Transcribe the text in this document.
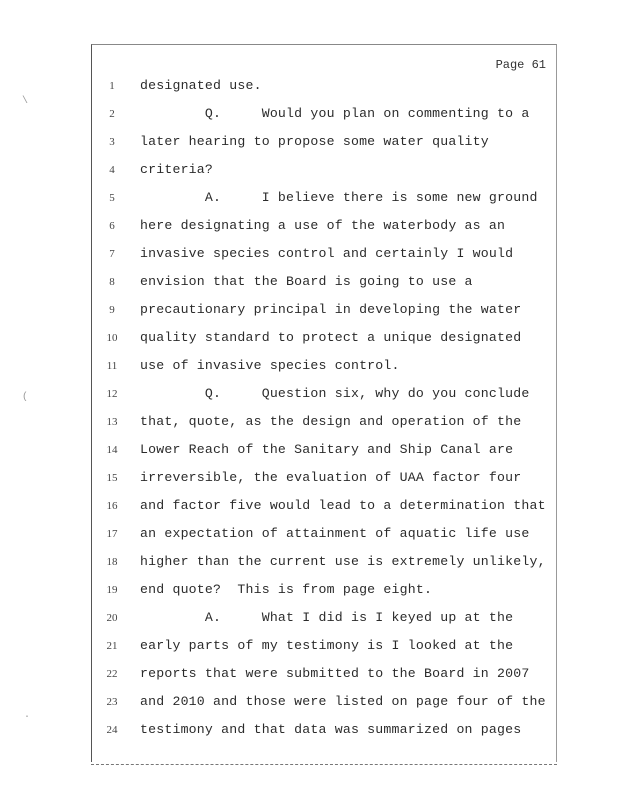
Page 61
1	designated use.
2	Q.     Would you plan on commenting to a
3	later hearing to propose some water quality
4	criteria?
5	A.     I believe there is some new ground
6	here designating a use of the waterbody as an
7	invasive species control and certainly I would
8	envision that the Board is going to use a
9	precautionary principal in developing the water
10 quality standard to protect a unique designated
11 use of invasive species control.
12 Q.     Question six, why do you conclude
13 that, quote, as the design and operation of the
14 Lower Reach of the Sanitary and Ship Canal are
15 irreversible, the evaluation of UAA factor four
16 and factor five would lead to a determination that
17 an expectation of attainment of aquatic life use
18 higher than the current use is extremely unlikely,
19 end quote?  This is from page eight.
20 A.     What I did is I keyed up at the
21 early parts of my testimony is I looked at the
22 reports that were submitted to the Board in 2007
23 and 2010 and those were listed on page four of the
24 testimony and that data was summarized on pages
\
(
.
